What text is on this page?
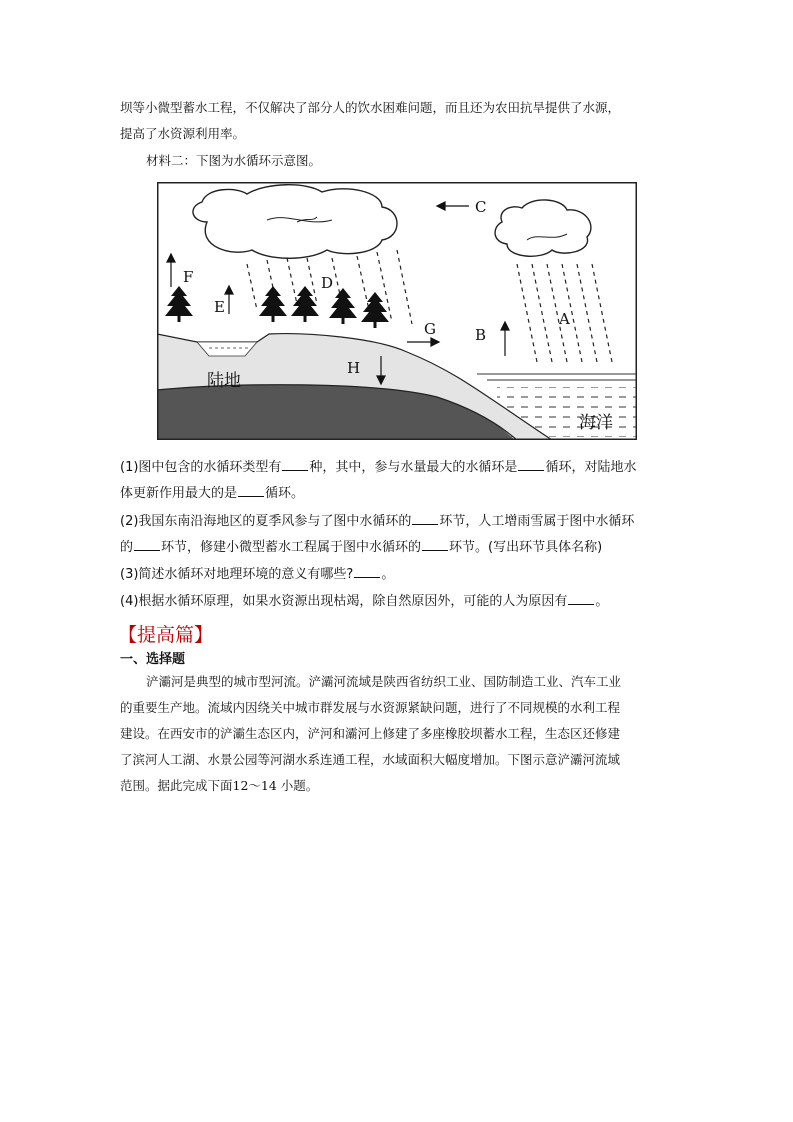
坝等小微型蓄水工程，不仅解决了部分人的饮水困难问题，而且还为农田抗旱提供了水源，
提高了水资源利用率。
材料二：下图为水循环示意图。
F
E
D
C
G	B
A
H
陆地
海洋
(1)图中包含的水循环类型有 种，其中，参与水量最大的水循环是 循环，对陆地水
体更新作用最大的是 循环。
(2)我国东南沿海地区的夏季风参与了图中水循环的 环节，人工增雨雪属于图中水循环
的 环节，修建小微型蓄水工程属于图中水循环的 环节。(写出环节具体名称)
(3)简述水循环对地理环境的意义有哪些? 。
(4)根据水循环原理，如果水资源出现枯竭，除自然原因外，可能的人为原因有 。
【提高篇】
一、选择题
浐灞河是典型的城市型河流。浐灞河流域是陕西省纺织工业、国防制造工业、汽车工业
的重要生产地。流域内因绕关中城市群发展与水资源紧缺问题，进行了不同规模的水利工程
建设。在西安市的浐灞生态区内，浐河和灞河上修建了多座橡胶坝蓄水工程，生态区还修建
了滨河人工湖、水景公园等河湖水系连通工程，水域面积大幅度增加。下图示意浐灞河流域
范围。据此完成下面12～14 小题。
